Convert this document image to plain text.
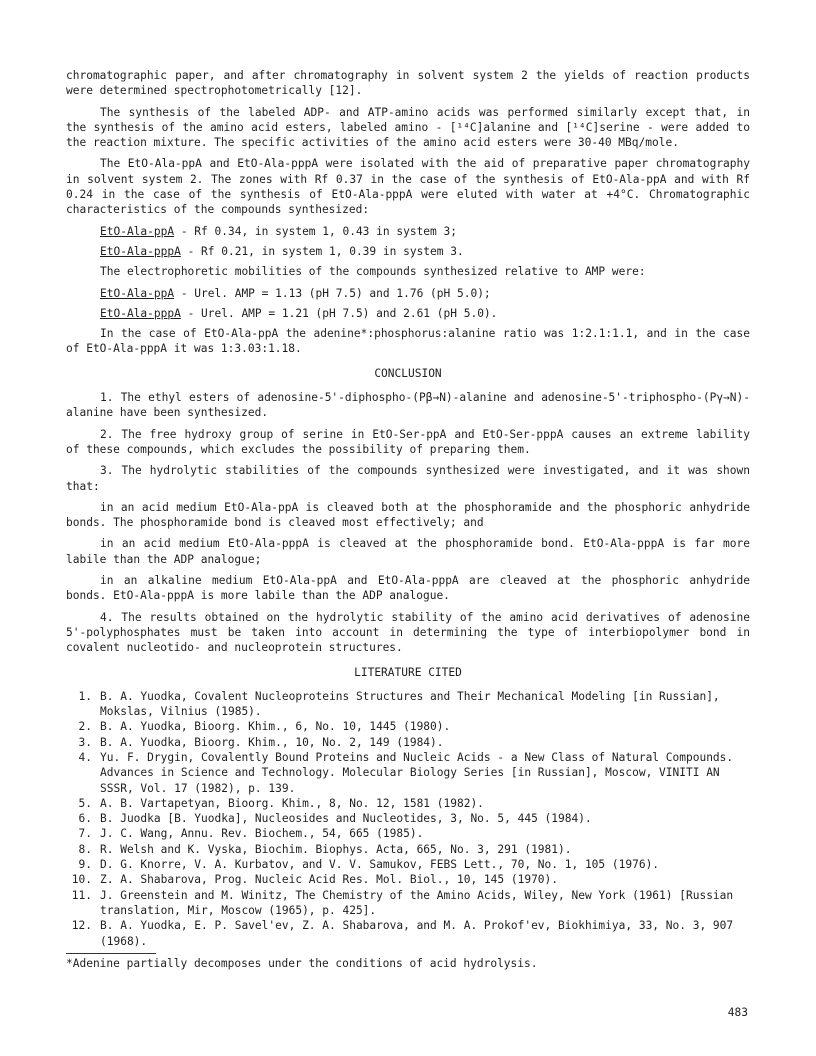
chromatographic paper, and after chromatography in solvent system 2 the yields of reaction products were determined spectrophotometrically [12].

The synthesis of the labeled ADP- and ATP-amino acids was performed similarly except that, in the synthesis of the amino acid esters, labeled amino - [¹⁴C]alanine and [¹⁴C]serine - were added to the reaction mixture. The specific activities of the amino acid esters were 30-40 MBq/mole.

The EtO-Ala-ppA and EtO-Ala-pppA were isolated with the aid of preparative paper chromatography in solvent system 2. The zones with Rf 0.37 in the case of the synthesis of EtO-Ala-ppA and with Rf 0.24 in the case of the synthesis of EtO-Ala-pppA were eluted with water at +4°C. Chromatographic characteristics of the compounds synthesized:

EtO-Ala-ppA - Rf 0.34, in system 1, 0.43 in system 3;

EtO-Ala-pppA - Rf 0.21, in system 1, 0.39 in system 3.

The electrophoretic mobilities of the compounds synthesized relative to AMP were:

EtO-Ala-ppA - Urel. AMP = 1.13 (pH 7.5) and 1.76 (pH 5.0);

EtO-Ala-pppA - Urel. AMP = 1.21 (pH 7.5) and 2.61 (pH 5.0).

In the case of EtO-Ala-ppA the adenine*:phosphorus:alanine ratio was 1:2.1:1.1, and in the case of EtO-Ala-pppA it was 1:3.03:1.18.

CONCLUSION

1. The ethyl esters of adenosine-5'-diphospho-(Pβ→N)-alanine and adenosine-5'-triphospho-(Pγ→N)-alanine have been synthesized.

2. The free hydroxy group of serine in EtO-Ser-ppA and EtO-Ser-pppA causes an extreme lability of these compounds, which excludes the possibility of preparing them.

3. The hydrolytic stabilities of the compounds synthesized were investigated, and it was shown that:

in an acid medium EtO-Ala-ppA is cleaved both at the phosphoramide and the phosphoric anhydride bonds. The phosphoramide bond is cleaved most effectively; and

in an acid medium EtO-Ala-pppA is cleaved at the phosphoramide bond. EtO-Ala-pppA is far more labile than the ADP analogue;

in an alkaline medium EtO-Ala-ppA and EtO-Ala-pppA are cleaved at the phosphoric anhydride bonds. EtO-Ala-pppA is more labile than the ADP analogue.

4. The results obtained on the hydrolytic stability of the amino acid derivatives of adenosine 5'-polyphosphates must be taken into account in determining the type of interbiopolymer bond in covalent nucleotido- and nucleoprotein structures.

LITERATURE CITED
1. B. A. Yuodka, Covalent Nucleoproteins Structures and Their Mechanical Modeling [in Russian], Mokslas, Vilnius (1985).
2. B. A. Yuodka, Bioorg. Khim., 6, No. 10, 1445 (1980).
3. B. A. Yuodka, Bioorg. Khim., 10, No. 2, 149 (1984).
4. Yu. F. Drygin, Covalently Bound Proteins and Nucleic Acids - a New Class of Natural Compounds. Advances in Science and Technology. Molecular Biology Series [in Russian], Moscow, VINITI AN SSSR, Vol. 17 (1982), p. 139.
5. A. B. Vartapetyan, Bioorg. Khim., 8, No. 12, 1581 (1982).
6. B. Juodka [B. Yuodka], Nucleosides and Nucleotides, 3, No. 5, 445 (1984).
7. J. C. Wang, Annu. Rev. Biochem., 54, 665 (1985).
8. R. Welsh and K. Vyska, Biochim. Biophys. Acta, 665, No. 3, 291 (1981).
9. D. G. Knorre, V. A. Kurbatov, and V. V. Samukov, FEBS Lett., 70, No. 1, 105 (1976).
10. Z. A. Shabarova, Prog. Nucleic Acid Res. Mol. Biol., 10, 145 (1970).
11. J. Greenstein and M. Winitz, The Chemistry of the Amino Acids, Wiley, New York (1961) [Russian translation, Mir, Moscow (1965), p. 425].
12. B. A. Yuodka, E. P. Savel'ev, Z. A. Shabarova, and M. A. Prokof'ev, Biokhimiya, 33, No. 3, 907 (1968).

*Adenine partially decomposes under the conditions of acid hydrolysis.

483
